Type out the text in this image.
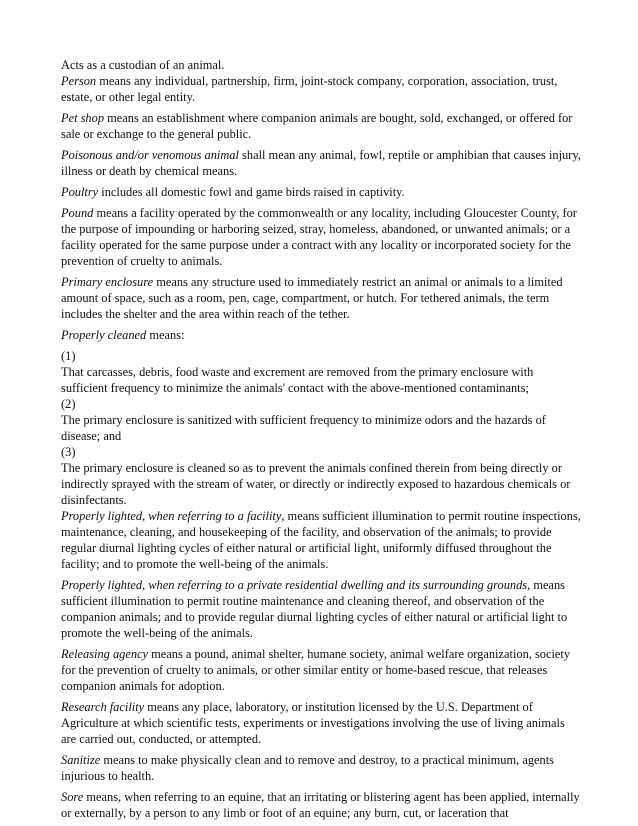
Acts as a custodian of an animal.

Person means any individual, partnership, firm, joint-stock company, corporation, association, trust, estate, or other legal entity.

Pet shop means an establishment where companion animals are bought, sold, exchanged, or offered for sale or exchange to the general public.

Poisonous and/or venomous animal shall mean any animal, fowl, reptile or amphibian that causes injury, illness or death by chemical means.

Poultry includes all domestic fowl and game birds raised in captivity.

Pound means a facility operated by the commonwealth or any locality, including Gloucester County, for the purpose of impounding or harboring seized, stray, homeless, abandoned, or unwanted animals; or a facility operated for the same purpose under a contract with any locality or incorporated society for the prevention of cruelty to animals.

Primary enclosure means any structure used to immediately restrict an animal or animals to a limited amount of space, such as a room, pen, cage, compartment, or hutch. For tethered animals, the term includes the shelter and the area within reach of the tether.

Properly cleaned means:

(1)

That carcasses, debris, food waste and excrement are removed from the primary enclosure with sufficient frequency to minimize the animals' contact with the above-mentioned contaminants;

(2)

The primary enclosure is sanitized with sufficient frequency to minimize odors and the hazards of disease; and

(3)

The primary enclosure is cleaned so as to prevent the animals confined therein from being directly or indirectly sprayed with the stream of water, or directly or indirectly exposed to hazardous chemicals or disinfectants.

Properly lighted, when referring to a facility, means sufficient illumination to permit routine inspections, maintenance, cleaning, and housekeeping of the facility, and observation of the animals; to provide regular diurnal lighting cycles of either natural or artificial light, uniformly diffused throughout the facility; and to promote the well-being of the animals.

Properly lighted, when referring to a private residential dwelling and its surrounding grounds, means sufficient illumination to permit routine maintenance and cleaning thereof, and observation of the companion animals; and to provide regular diurnal lighting cycles of either natural or artificial light to promote the well-being of the animals.

Releasing agency means a pound, animal shelter, humane society, animal welfare organization, society for the prevention of cruelty to animals, or other similar entity or home-based rescue, that releases companion animals for adoption.

Research facility means any place, laboratory, or institution licensed by the U.S. Department of Agriculture at which scientific tests, experiments or investigations involving the use of living animals are carried out, conducted, or attempted.

Sanitize means to make physically clean and to remove and destroy, to a practical minimum, agents injurious to health.

Sore means, when referring to an equine, that an irritating or blistering agent has been applied, internally or externally, by a person to any limb or foot of an equine; any burn, cut, or laceration that
